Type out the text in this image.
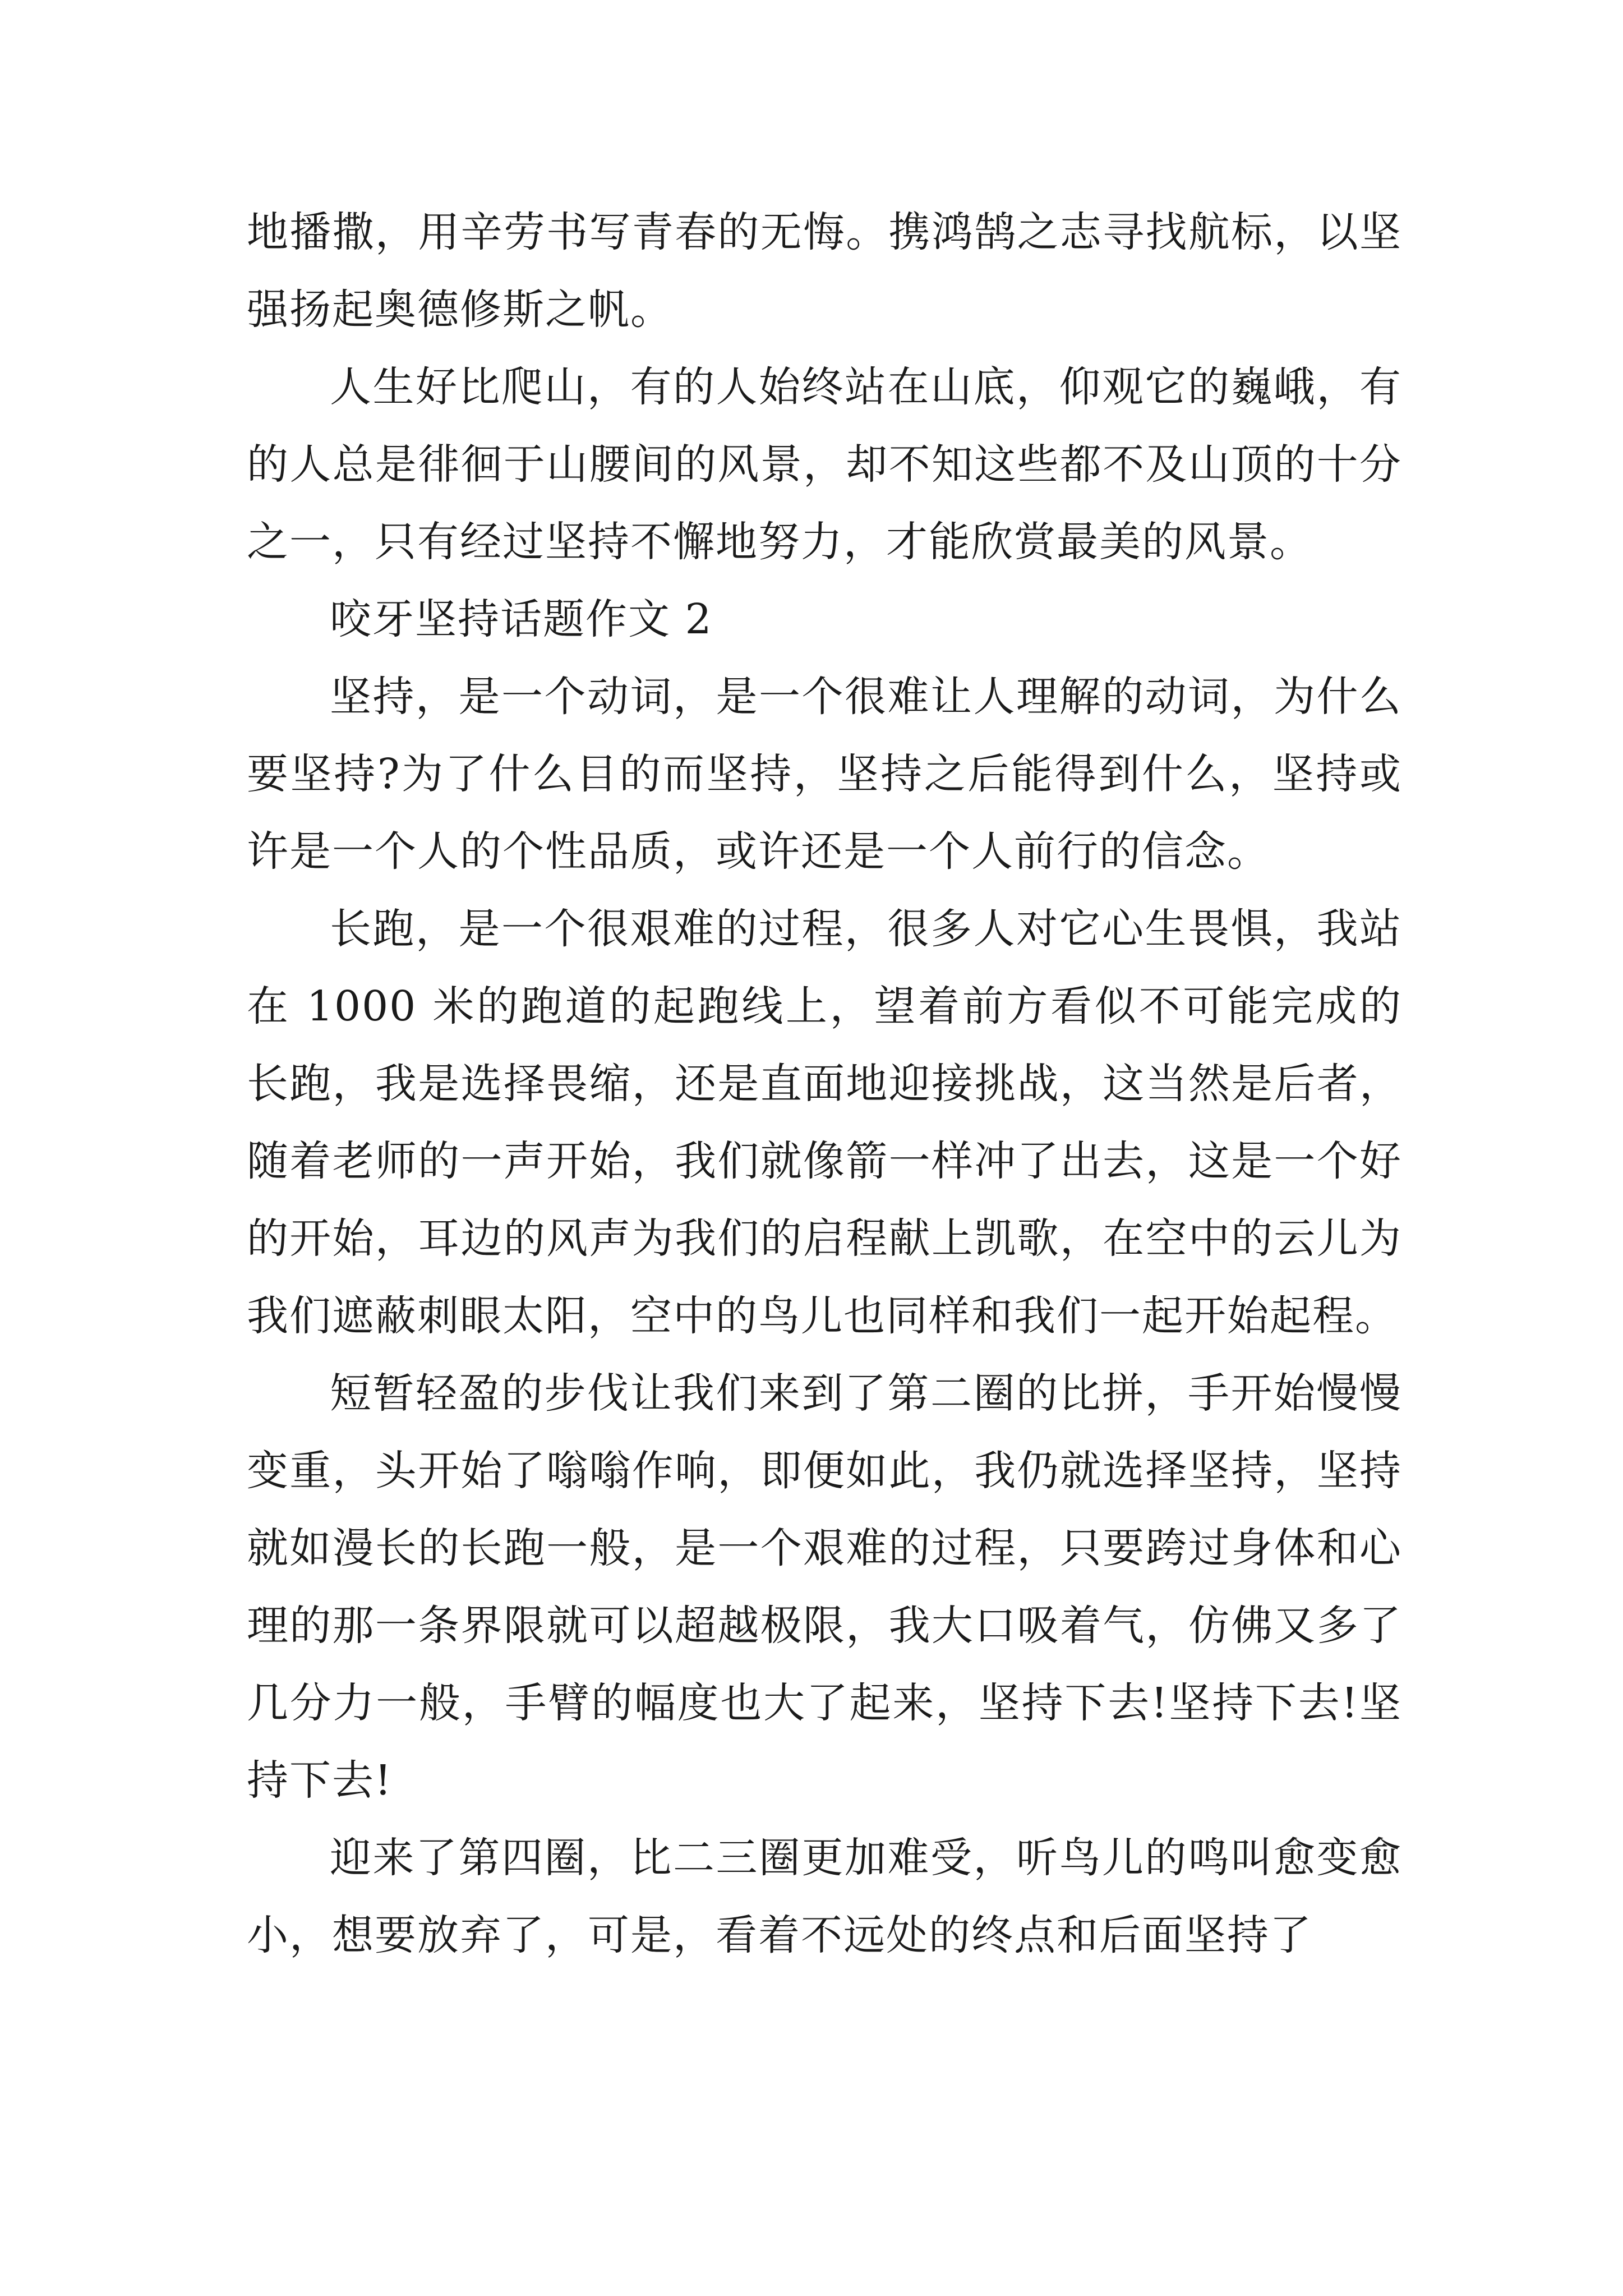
地播撒，用辛劳书写青春的无悔。携鸿鹄之志寻找航标，以坚强扬起奥德修斯之帆。

人生好比爬山，有的人始终站在山底，仰观它的巍峨，有的人总是徘徊于山腰间的风景，却不知这些都不及山顶的十分之一，只有经过坚持不懈地努力，才能欣赏最美的风景。

咬牙坚持话题作文 2

坚持，是一个动词，是一个很难让人理解的动词，为什么要坚持?为了什么目的而坚持，坚持之后能得到什么，坚持或许是一个人的个性品质，或许还是一个人前行的信念。

长跑，是一个很艰难的过程，很多人对它心生畏惧，我站在 1000 米的跑道的起跑线上，望着前方看似不可能完成的长跑，我是选择畏缩，还是直面地迎接挑战，这当然是后者，随着老师的一声开始，我们就像箭一样冲了出去，这是一个好的开始，耳边的风声为我们的启程献上凯歌，在空中的云儿为我们遮蔽刺眼太阳，空中的鸟儿也同样和我们一起开始起程。

短暂轻盈的步伐让我们来到了第二圈的比拼，手开始慢慢变重，头开始了嗡嗡作响，即便如此，我仍就选择坚持，坚持就如漫长的长跑一般，是一个艰难的过程，只要跨过身体和心理的那一条界限就可以超越极限，我大口吸着气，仿佛又多了几分力一般，手臂的幅度也大了起来，坚持下去!坚持下去!坚持下去!

迎来了第四圈，比二三圈更加难受，听鸟儿的鸣叫愈变愈小，想要放弃了，可是，看着不远处的终点和后面坚持了
